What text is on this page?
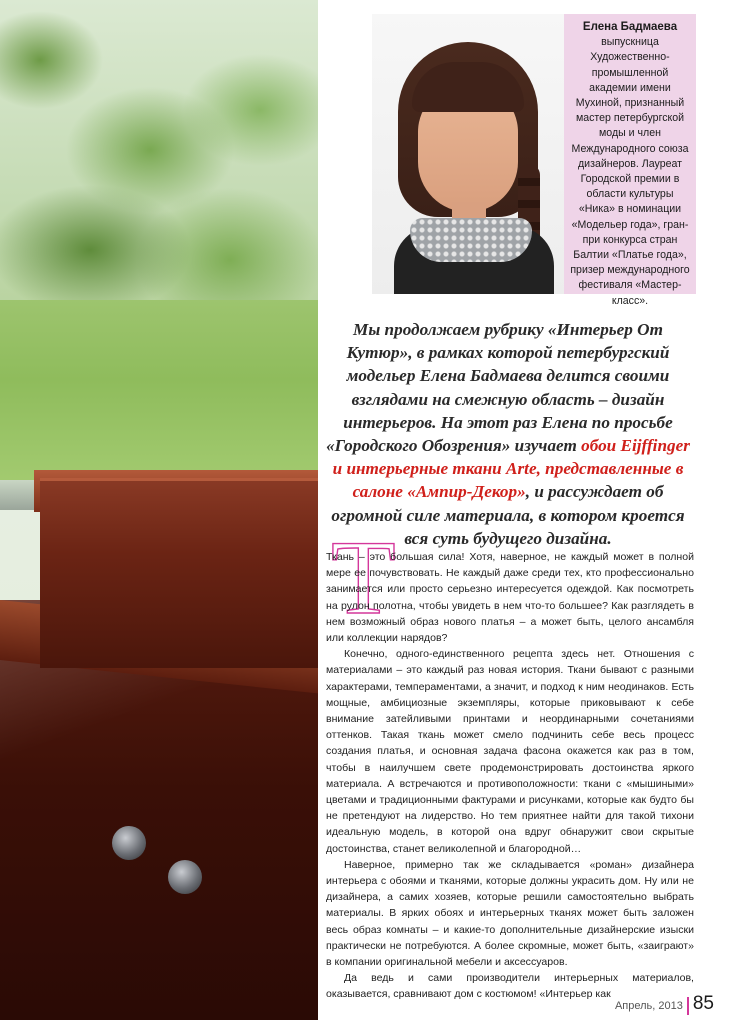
Елена Бадмаева
выпускница Художественно-промышленной академии имени Мухиной, признанный мастер петербургской моды и член Международного союза дизайнеров. Лауреат Городской премии в области культуры «Ника» в номинации «Модельер года», гран-при конкурса стран Балтии «Платье года», призер международного фестиваля «Мастер-класс».
Мы продолжаем рубрику «Интерьер От Кутюр», в рамках которой петербургский модельер Елена Бадмаева делится своими взглядами на смежную область – дизайн интерьеров. На этот раз Елена по просьбе «Городского Обозрения» изучает обои Eijffinger и интерьерные ткани Arte, представленные в салоне «Ампир-Декор», и рассуждает об огромной силе материала, в котором кроется вся суть будущего дизайна.
Т

Ткань – это большая сила! Хотя, наверное, не каждый может в полной мере ее почувствовать. Не каждый даже среди тех, кто профессионально занимается или просто серьезно интересуется одеждой. Как посмотреть на рулон полотна, чтобы увидеть в нем что-то большее? Как разглядеть в нем возможный образ нового платья – а может быть, целого ансамбля или коллекции нарядов?

Конечно, одного-единственного рецепта здесь нет. Отношения с материалами – это каждый раз новая история. Ткани бывают с разными характерами, темпераментами, а значит, и подход к ним неодинаков. Есть мощные, амбициозные экземпляры, которые приковывают к себе внимание затейливыми принтами и неординарными сочетаниями оттенков. Такая ткань может смело подчинить себе весь процесс создания платья, и основная задача фасона окажется как раз в том, чтобы в наилучшем свете продемонстрировать достоинства яркого материала. А встречаются и противоположности: ткани с «мышиными» цветами и традиционными фактурами и рисунками, которые как будто бы не претендуют на лидерство. Но тем приятнее найти для такой тихони идеальную модель, в которой она вдруг обнаружит свои скрытые достоинства, станет великолепной и благородной…

Наверное, примерно так же складывается «роман» дизайнера интерьера с обоями и тканями, которые должны украсить дом. Ну или не дизайнера, а самих хозяев, которые решили самостоятельно выбрать материалы. В ярких обоях и интерьерных тканях может быть заложен весь образ комнаты – и какие-то дополнительные дизайнерские изыски практически не потребуются. А более скромные, может быть, «заиграют» в компании оригинальной мебели и аксессуаров.

Да ведь и сами производители интерьерных материалов, оказывается, сравнивают дом с костюмом! «Интерьер как

Апрель, 2013 85
